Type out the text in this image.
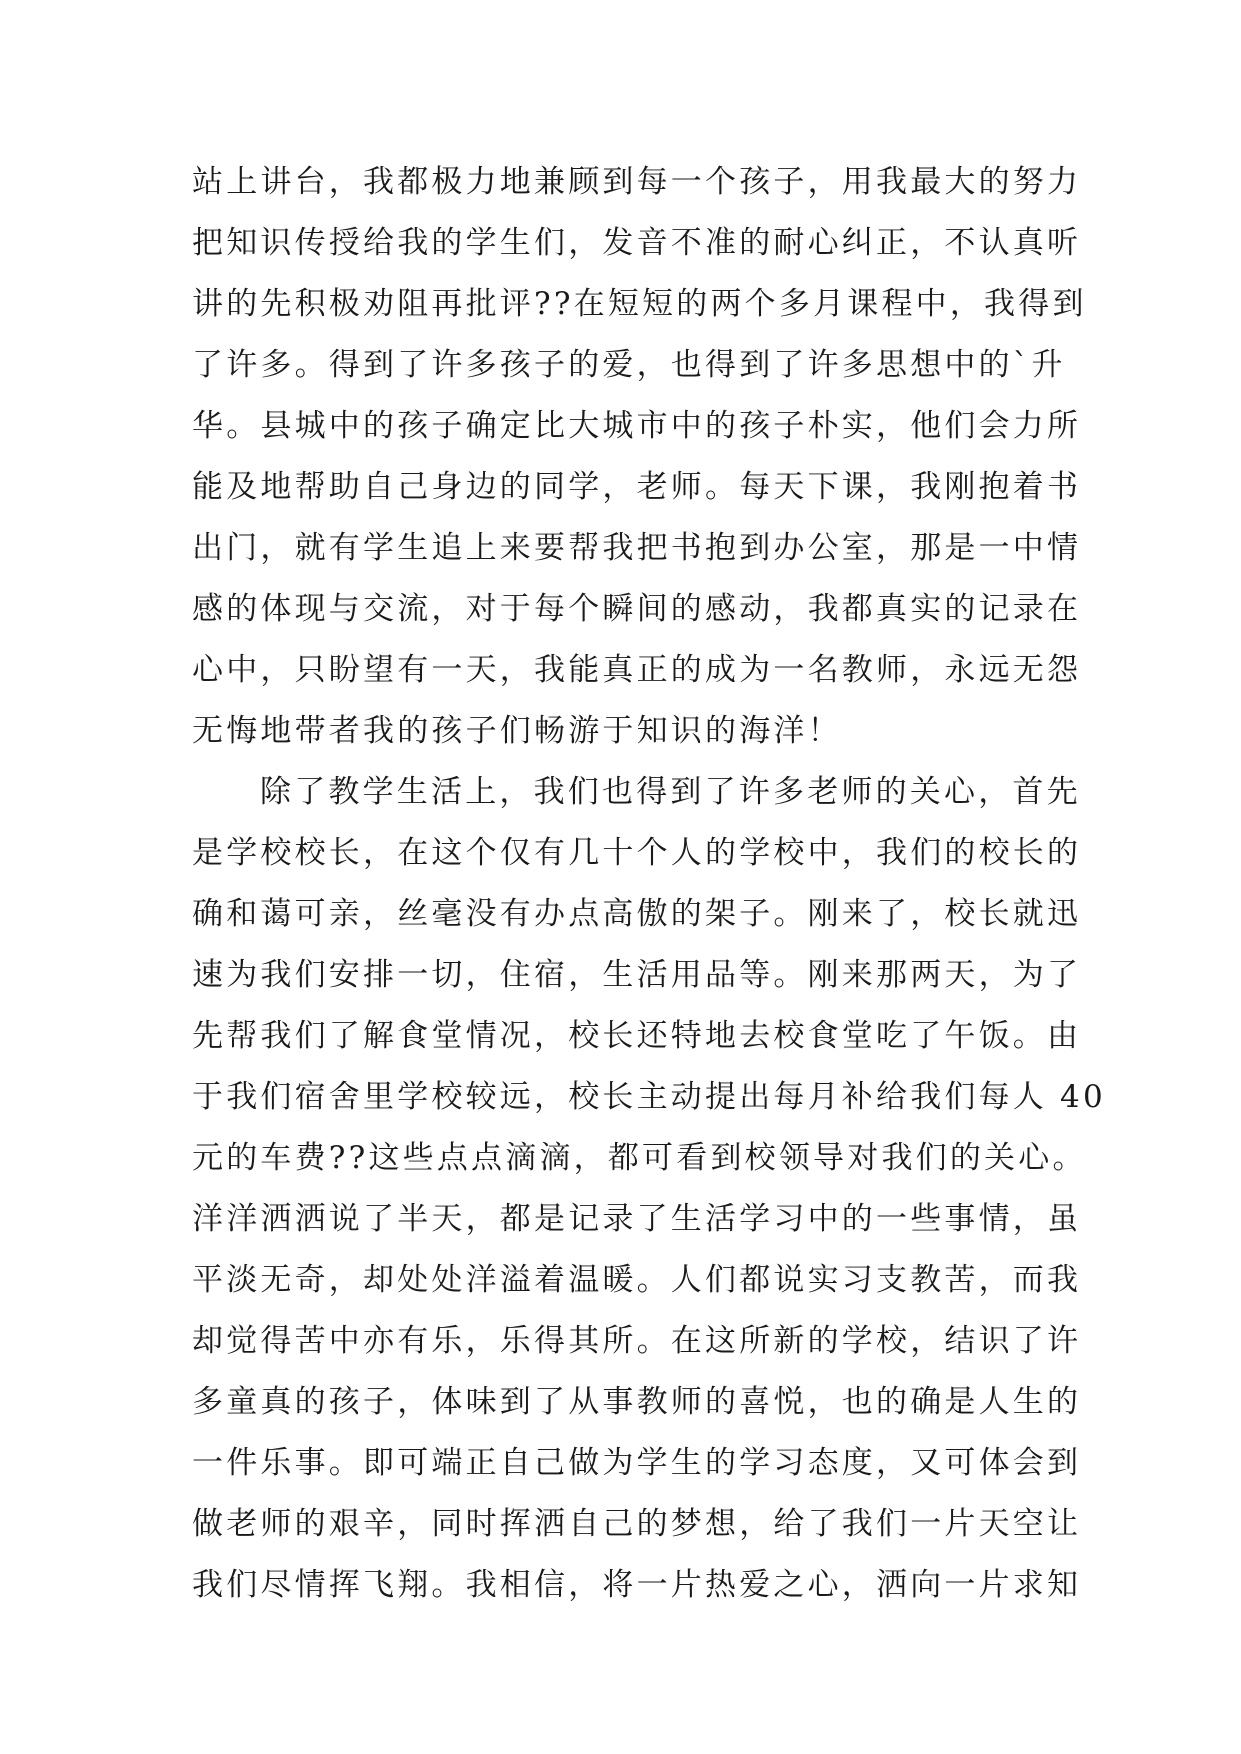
站上讲台，我都极力地兼顾到每一个孩子，用我最大的努力
把知识传授给我的学生们，发音不准的耐心纠正，不认真听
讲的先积极劝阻再批评??在短短的两个多月课程中，我得到
了许多。得到了许多孩子的爱，也得到了许多思想中的`升
华。县城中的孩子确定比大城市中的孩子朴实，他们会力所
能及地帮助自己身边的同学，老师。每天下课，我刚抱着书
出门，就有学生追上来要帮我把书抱到办公室，那是一中情
感的体现与交流，对于每个瞬间的感动，我都真实的记录在
心中，只盼望有一天，我能真正的成为一名教师，永远无怨
无悔地带者我的孩子们畅游于知识的海洋！
除了教学生活上，我们也得到了许多老师的关心，首先
是学校校长，在这个仅有几十个人的学校中，我们的校长的
确和蔼可亲，丝毫没有办点高傲的架子。刚来了，校长就迅
速为我们安排一切，住宿，生活用品等。刚来那两天，为了
先帮我们了解食堂情况，校长还特地去校食堂吃了午饭。由
于我们宿舍里学校较远，校长主动提出每月补给我们每人 40
元的车费??这些点点滴滴，都可看到校领导对我们的关心。
洋洋洒洒说了半天，都是记录了生活学习中的一些事情，虽
平淡无奇，却处处洋溢着温暖。人们都说实习支教苦，而我
却觉得苦中亦有乐，乐得其所。在这所新的学校，结识了许
多童真的孩子，体味到了从事教师的喜悦，也的确是人生的
一件乐事。即可端正自己做为学生的学习态度，又可体会到
做老师的艰辛，同时挥洒自己的梦想，给了我们一片天空让
我们尽情挥飞翔。我相信，将一片热爱之心，洒向一片求知
